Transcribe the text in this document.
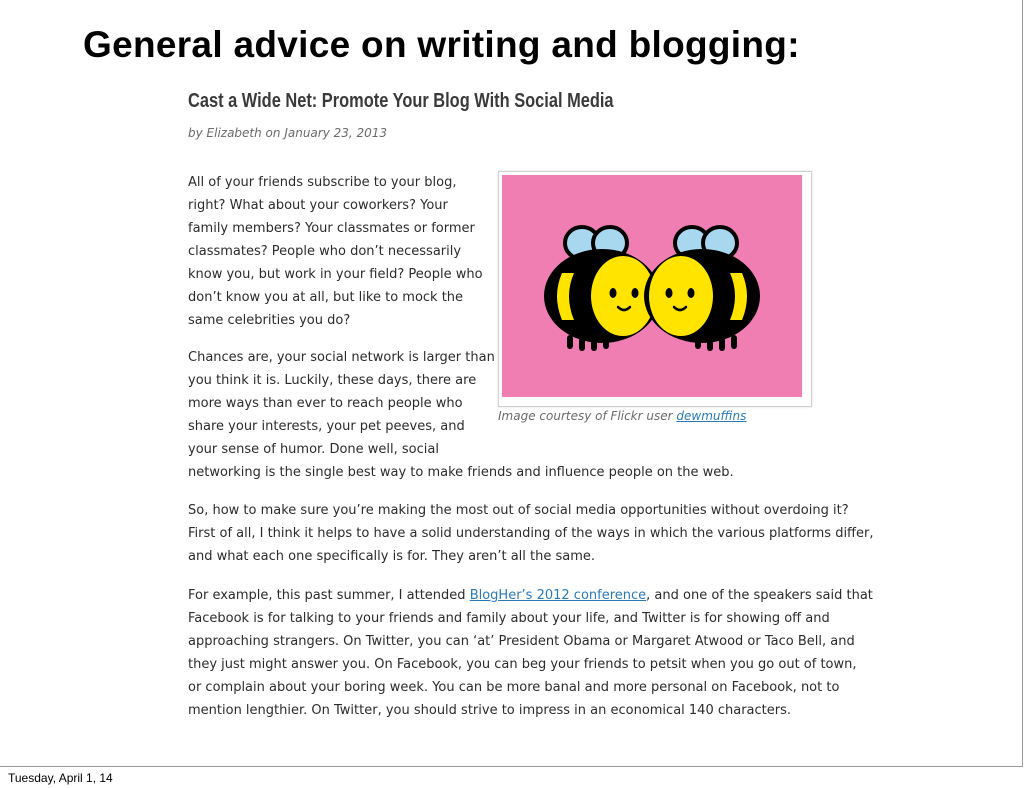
General advice on writing and blogging:
Cast a Wide Net: Promote Your Blog With Social Media
by Elizabeth on January 23, 2013
All of your friends subscribe to your blog,
right? What about your coworkers? Your
family members? Your classmates or former
classmates? People who don’t necessarily
know you, but work in your field? People who
don’t know you at all, but like to mock the
same celebrities you do?
Chances are, your social network is larger than
you think it is. Luckily, these days, there are
more ways than ever to reach people who
share your interests, your pet peeves, and
your sense of humor. Done well, social
networking is the single best way to make friends and influence people on the web.
So, how to make sure you’re making the most out of social media opportunities without overdoing it?
First of all, I think it helps to have a solid understanding of the ways in which the various platforms differ,
and what each one specifically is for. They aren’t all the same.
For example, this past summer, I attended BlogHer’s 2012 conference, and one of the speakers said that
Facebook is for talking to your friends and family about your life, and Twitter is for showing off and
approaching strangers. On Twitter, you can ‘at’ President Obama or Margaret Atwood or Taco Bell, and
they just might answer you. On Facebook, you can beg your friends to petsit when you go out of town,
or complain about your boring week. You can be more banal and more personal on Facebook, not to
mention lengthier. On Twitter, you should strive to impress in an economical 140 characters.
Image courtesy of Flickr user dewmuffins
Tuesday, April 1, 14
